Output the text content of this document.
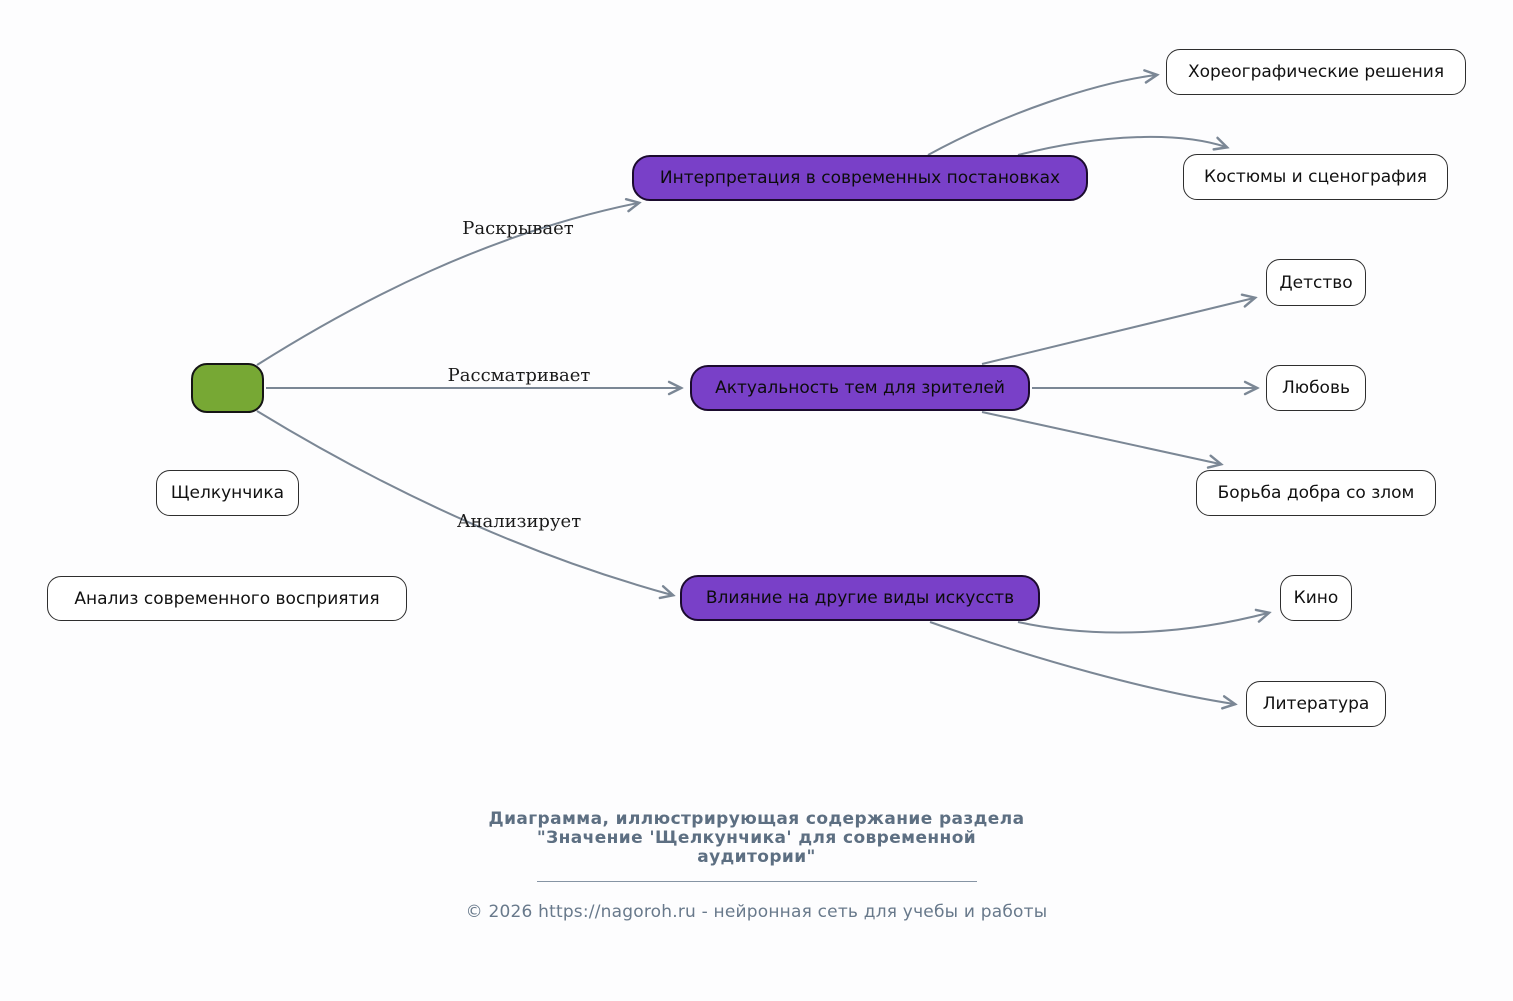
Щелкунчика
Анализ современного восприятия
Раскрывает
Рассматривает
Анализирует
Интерпретация в современных постановках
Актуальность тем для зрителей
Влияние на другие виды искусств
Хореографические решения
Костюмы и сценография
Детство
Любовь
Борьба добра со злом
Кино
Литература
Диаграмма, иллюстрирующая содержание раздела
"Значение 'Щелкунчика' для современной
аудитории"
© 2026 https://nagoroh.ru - нейронная сеть для учебы и работы
